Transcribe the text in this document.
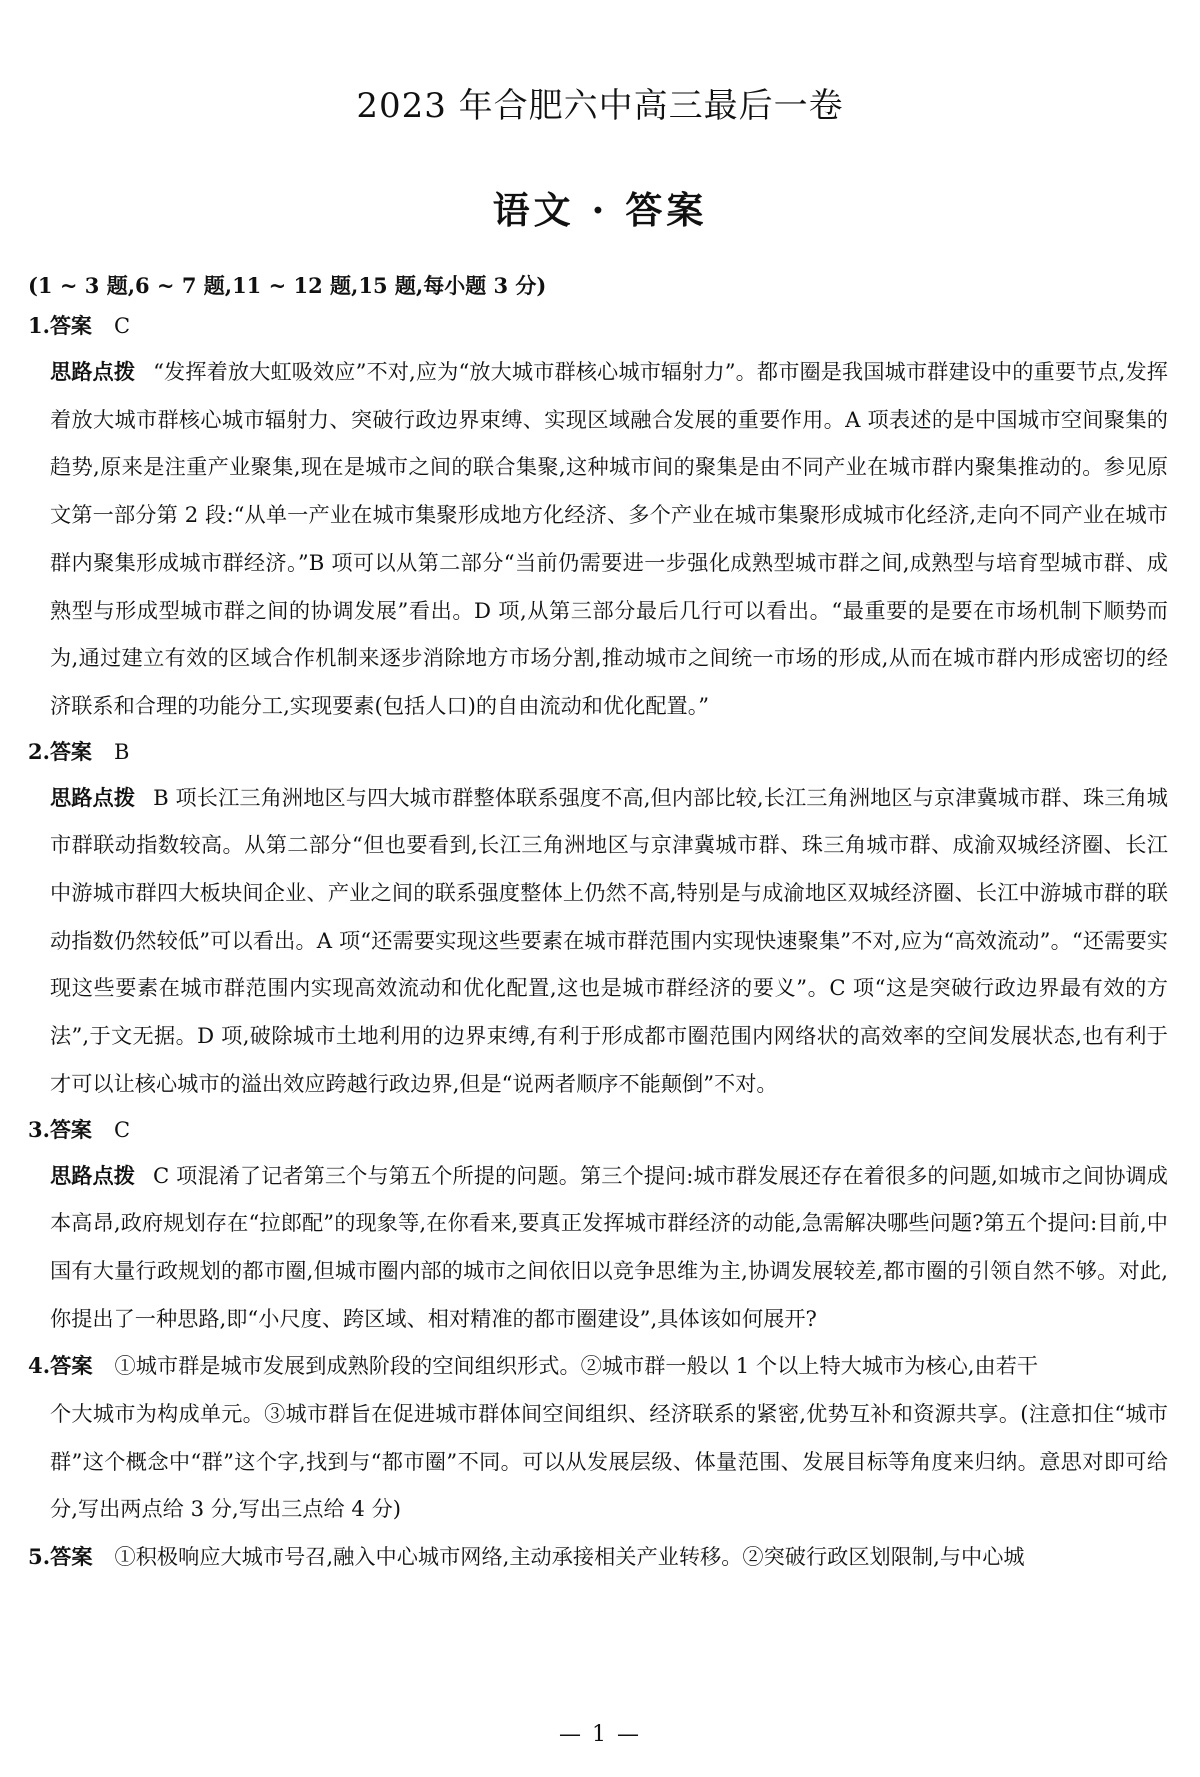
2023 年合肥六中高三最后一卷
语文 · 答案
(1 ~ 3 题,6 ~ 7 题,11 ~ 12 题,15 题,每小题 3 分)
1.答案 C
思路点拨 “发挥着放大虹吸效应”不对,应为“放大城市群核心城市辐射力”。都市圈是我国城市群建设中的重要节点,发挥着放大城市群核心城市辐射力、突破行政边界束缚、实现区域融合发展的重要作用。A 项表述的是中国城市空间聚集的趋势,原来是注重产业聚集,现在是城市之间的联合集聚,这种城市间的聚集是由不同产业在城市群内聚集推动的。参见原文第一部分第 2 段:“从单一产业在城市集聚形成地方化经济、多个产业在城市集聚形成城市化经济,走向不同产业在城市群内聚集形成城市群经济。”B 项可以从第二部分“当前仍需要进一步强化成熟型城市群之间,成熟型与培育型城市群、成熟型与形成型城市群之间的协调发展”看出。D 项,从第三部分最后几行可以看出。“最重要的是要在市场机制下顺势而为,通过建立有效的区域合作机制来逐步消除地方市场分割,推动城市之间统一市场的形成,从而在城市群内形成密切的经济联系和合理的功能分工,实现要素(包括人口)的自由流动和优化配置。”
2.答案 B
思路点拨 B 项长江三角洲地区与四大城市群整体联系强度不高,但内部比较,长江三角洲地区与京津冀城市群、珠三角城市群联动指数较高。从第二部分“但也要看到,长江三角洲地区与京津冀城市群、珠三角城市群、成渝双城经济圈、长江中游城市群四大板块间企业、产业之间的联系强度整体上仍然不高,特别是与成渝地区双城经济圈、长江中游城市群的联动指数仍然较低”可以看出。A 项“还需要实现这些要素在城市群范围内实现快速聚集”不对,应为“高效流动”。“还需要实现这些要素在城市群范围内实现高效流动和优化配置,这也是城市群经济的要义”。C 项“这是突破行政边界最有效的方法”,于文无据。D 项,破除城市土地利用的边界束缚,有利于形成都市圈范围内网络状的高效率的空间发展状态,也有利于才可以让核心城市的溢出效应跨越行政边界,但是“说两者顺序不能颠倒”不对。
3.答案 C
思路点拨 C 项混淆了记者第三个与第五个所提的问题。第三个提问:城市群发展还存在着很多的问题,如城市之间协调成本高昂,政府规划存在“拉郎配”的现象等,在你看来,要真正发挥城市群经济的动能,急需解决哪些问题?第五个提问:目前,中国有大量行政规划的都市圈,但城市圈内部的城市之间依旧以竞争思维为主,协调发展较差,都市圈的引领自然不够。对此,你提出了一种思路,即“小尺度、跨区域、相对精准的都市圈建设”,具体该如何展开?
4.答案 ①城市群是城市发展到成熟阶段的空间组织形式。②城市群一般以 1 个以上特大城市为核心,由若干
个大城市为构成单元。③城市群旨在促进城市群体间空间组织、经济联系的紧密,优势互补和资源共享。(注意扣住“城市群”这个概念中“群”这个字,找到与“都市圈”不同。可以从发展层级、体量范围、发展目标等角度来归纳。意思对即可给分,写出两点给 3 分,写出三点给 4 分)
5.答案 ①积极响应大城市号召,融入中心城市网络,主动承接相关产业转移。②突破行政区划限制,与中心城
— 1 —
